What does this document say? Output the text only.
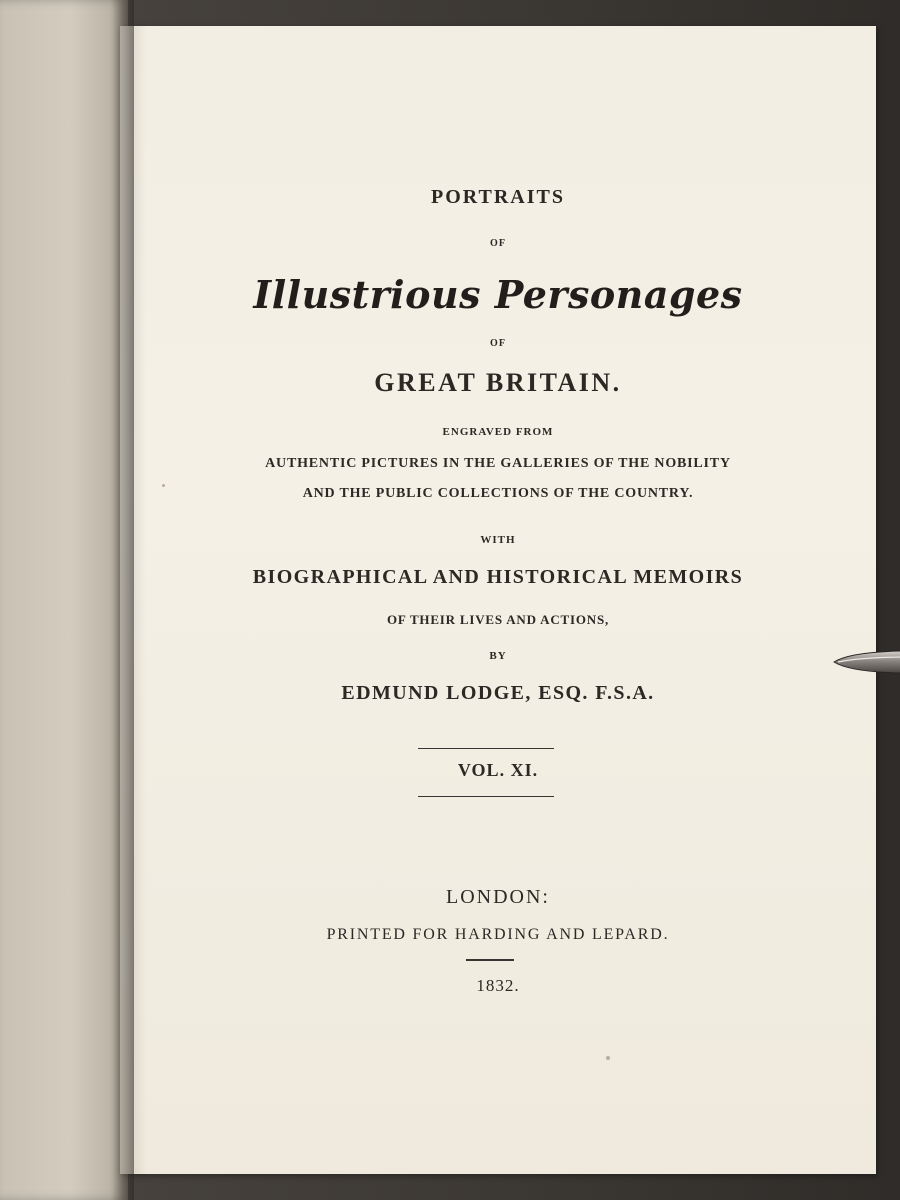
PORTRAITS
OF
Illustrious Personages
OF
GREAT BRITAIN.
ENGRAVED FROM
AUTHENTIC PICTURES IN THE GALLERIES OF THE NOBILITY
AND THE PUBLIC COLLECTIONS OF THE COUNTRY.
WITH
BIOGRAPHICAL AND HISTORICAL MEMOIRS
OF THEIR LIVES AND ACTIONS,
BY
EDMUND LODGE, ESQ. F.S.A.
VOL. XI.
LONDON:
PRINTED FOR HARDING AND LEPARD.
1832.
